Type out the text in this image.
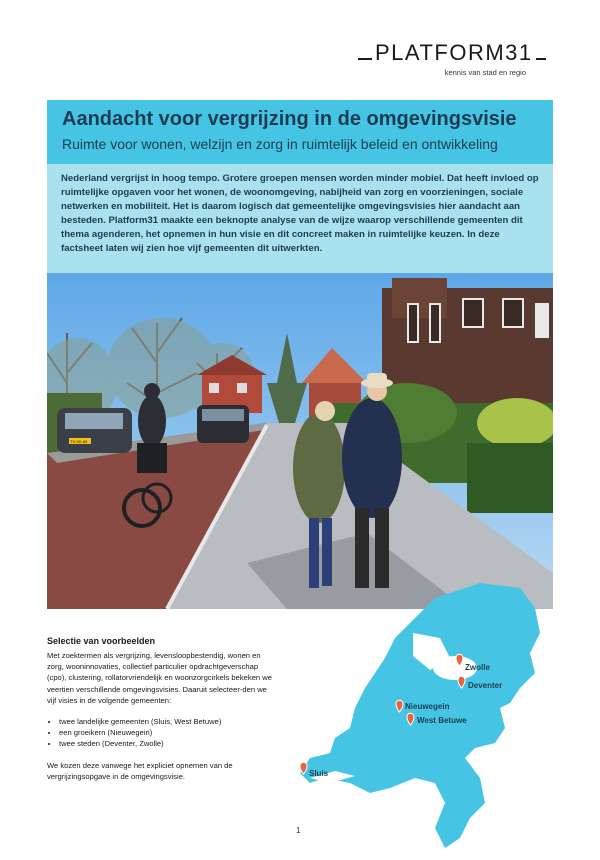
PLATFORM31
kennis van stad en regio
Aandacht voor vergrijzing in de omgevingsvisie
Ruimte voor wonen, welzijn en zorg in ruimtelijk beleid en ontwikkeling

Nederland vergrijst in hoog tempo. Grotere groepen mensen worden minder mobiel. Dat heeft invloed op ruimtelijke opgaven voor het wonen, de woonomgeving, nabijheid van zorg en voorzieningen, sociale netwerken en mobiliteit. Het is daarom logisch dat gemeentelijke omgevingsvisies hier aandacht aan besteden. Platform31 maakte een beknopte analyse van de wijze waarop verschillende gemeenten dit thema agenderen, het opnemen in hun visie en dit concreet maken in ruimtelijke keuzen. In deze factsheet laten wij zien hoe vijf gemeenten dit uitwerkten.

TV-XK-89
Selectie van voorbeelden

Met zoektermen als vergrijzing, levensloopbestendig, wonen en zorg, wooninnovaties, collectief particulier opdrachtgeverschap (cpo), clustering, rollatorvriendelijk en woonzorgcirkels bekeken we veertien verschillende omgevingsvisies. Daaruit selecteer-den we vijf visies in de volgende gemeenten:

• twee landelijke gemeenten (Sluis, West Betuwe)
• een groeikern (Nieuwegein)
• twee steden (Deventer, Zwolle)

We kozen deze vanwege het expliciet opnemen van de vergrijzingsopgave in de omgevingsvisie.

Zwolle
Deventer
Nieuwegein
West Betuwe
Sluis
1
